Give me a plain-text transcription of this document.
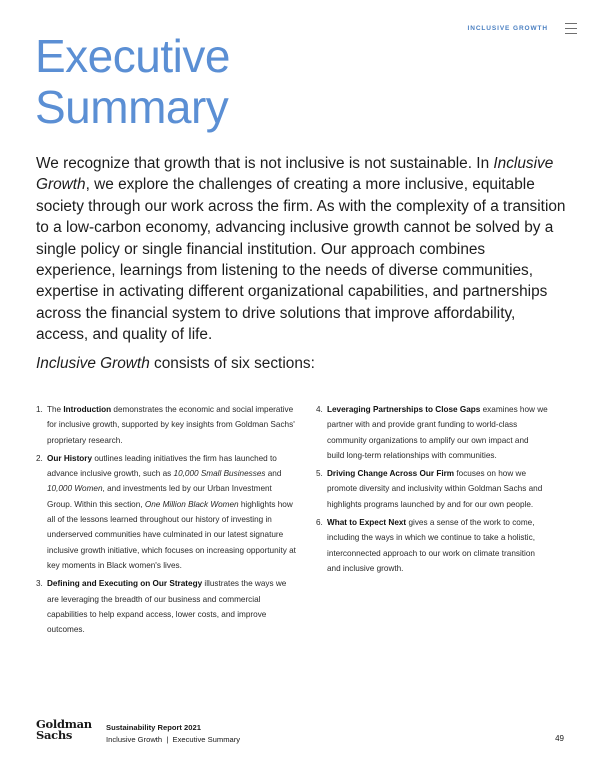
INCLUSIVE GROWTH
Executive
Summary

We recognize that growth that is not inclusive is not sustainable. In Inclusive Growth, we explore the challenges of creating a more inclusive, equitable society through our work across the firm. As with the complexity of a transition to a low-carbon economy, advancing inclusive growth cannot be solved by a single policy or single financial institution. Our approach combines experience, learnings from listening to the needs of diverse communities, expertise in activating different organizational capabilities, and partnerships across the financial system to drive solutions that improve affordability, access, and quality of life.

Inclusive Growth consists of six sections:

1. The Introduction demonstrates the economic and social imperative for inclusive growth, supported by key insights from Goldman Sachs' proprietary research.
2. Our History outlines leading initiatives the firm has launched to advance inclusive growth, such as 10,000 Small Businesses and 10,000 Women, and investments led by our Urban Investment Group. Within this section, One Million Black Women highlights how all of the lessons learned throughout our history of investing in underserved communities have culminated in our latest signature inclusive growth initiative, which focuses on increasing opportunity at key moments in Black women's lives.
3. Defining and Executing on Our Strategy illustrates the ways we are leveraging the breadth of our business and commercial capabilities to help expand access, lower costs, and improve outcomes.
4. Leveraging Partnerships to Close Gaps examines how we partner with and provide grant funding to world-class community organizations to amplify our own impact and build long-term relationships with communities.
5. Driving Change Across Our Firm focuses on how we promote diversity and inclusivity within Goldman Sachs and highlights programs launched by and for our own people.
6. What to Expect Next gives a sense of the work to come, including the ways in which we continue to take a holistic, interconnected approach to our work on climate transition and inclusive growth.
Goldman
Sachs
Sustainability Report 2021
Inclusive Growth  |  Executive Summary	49
